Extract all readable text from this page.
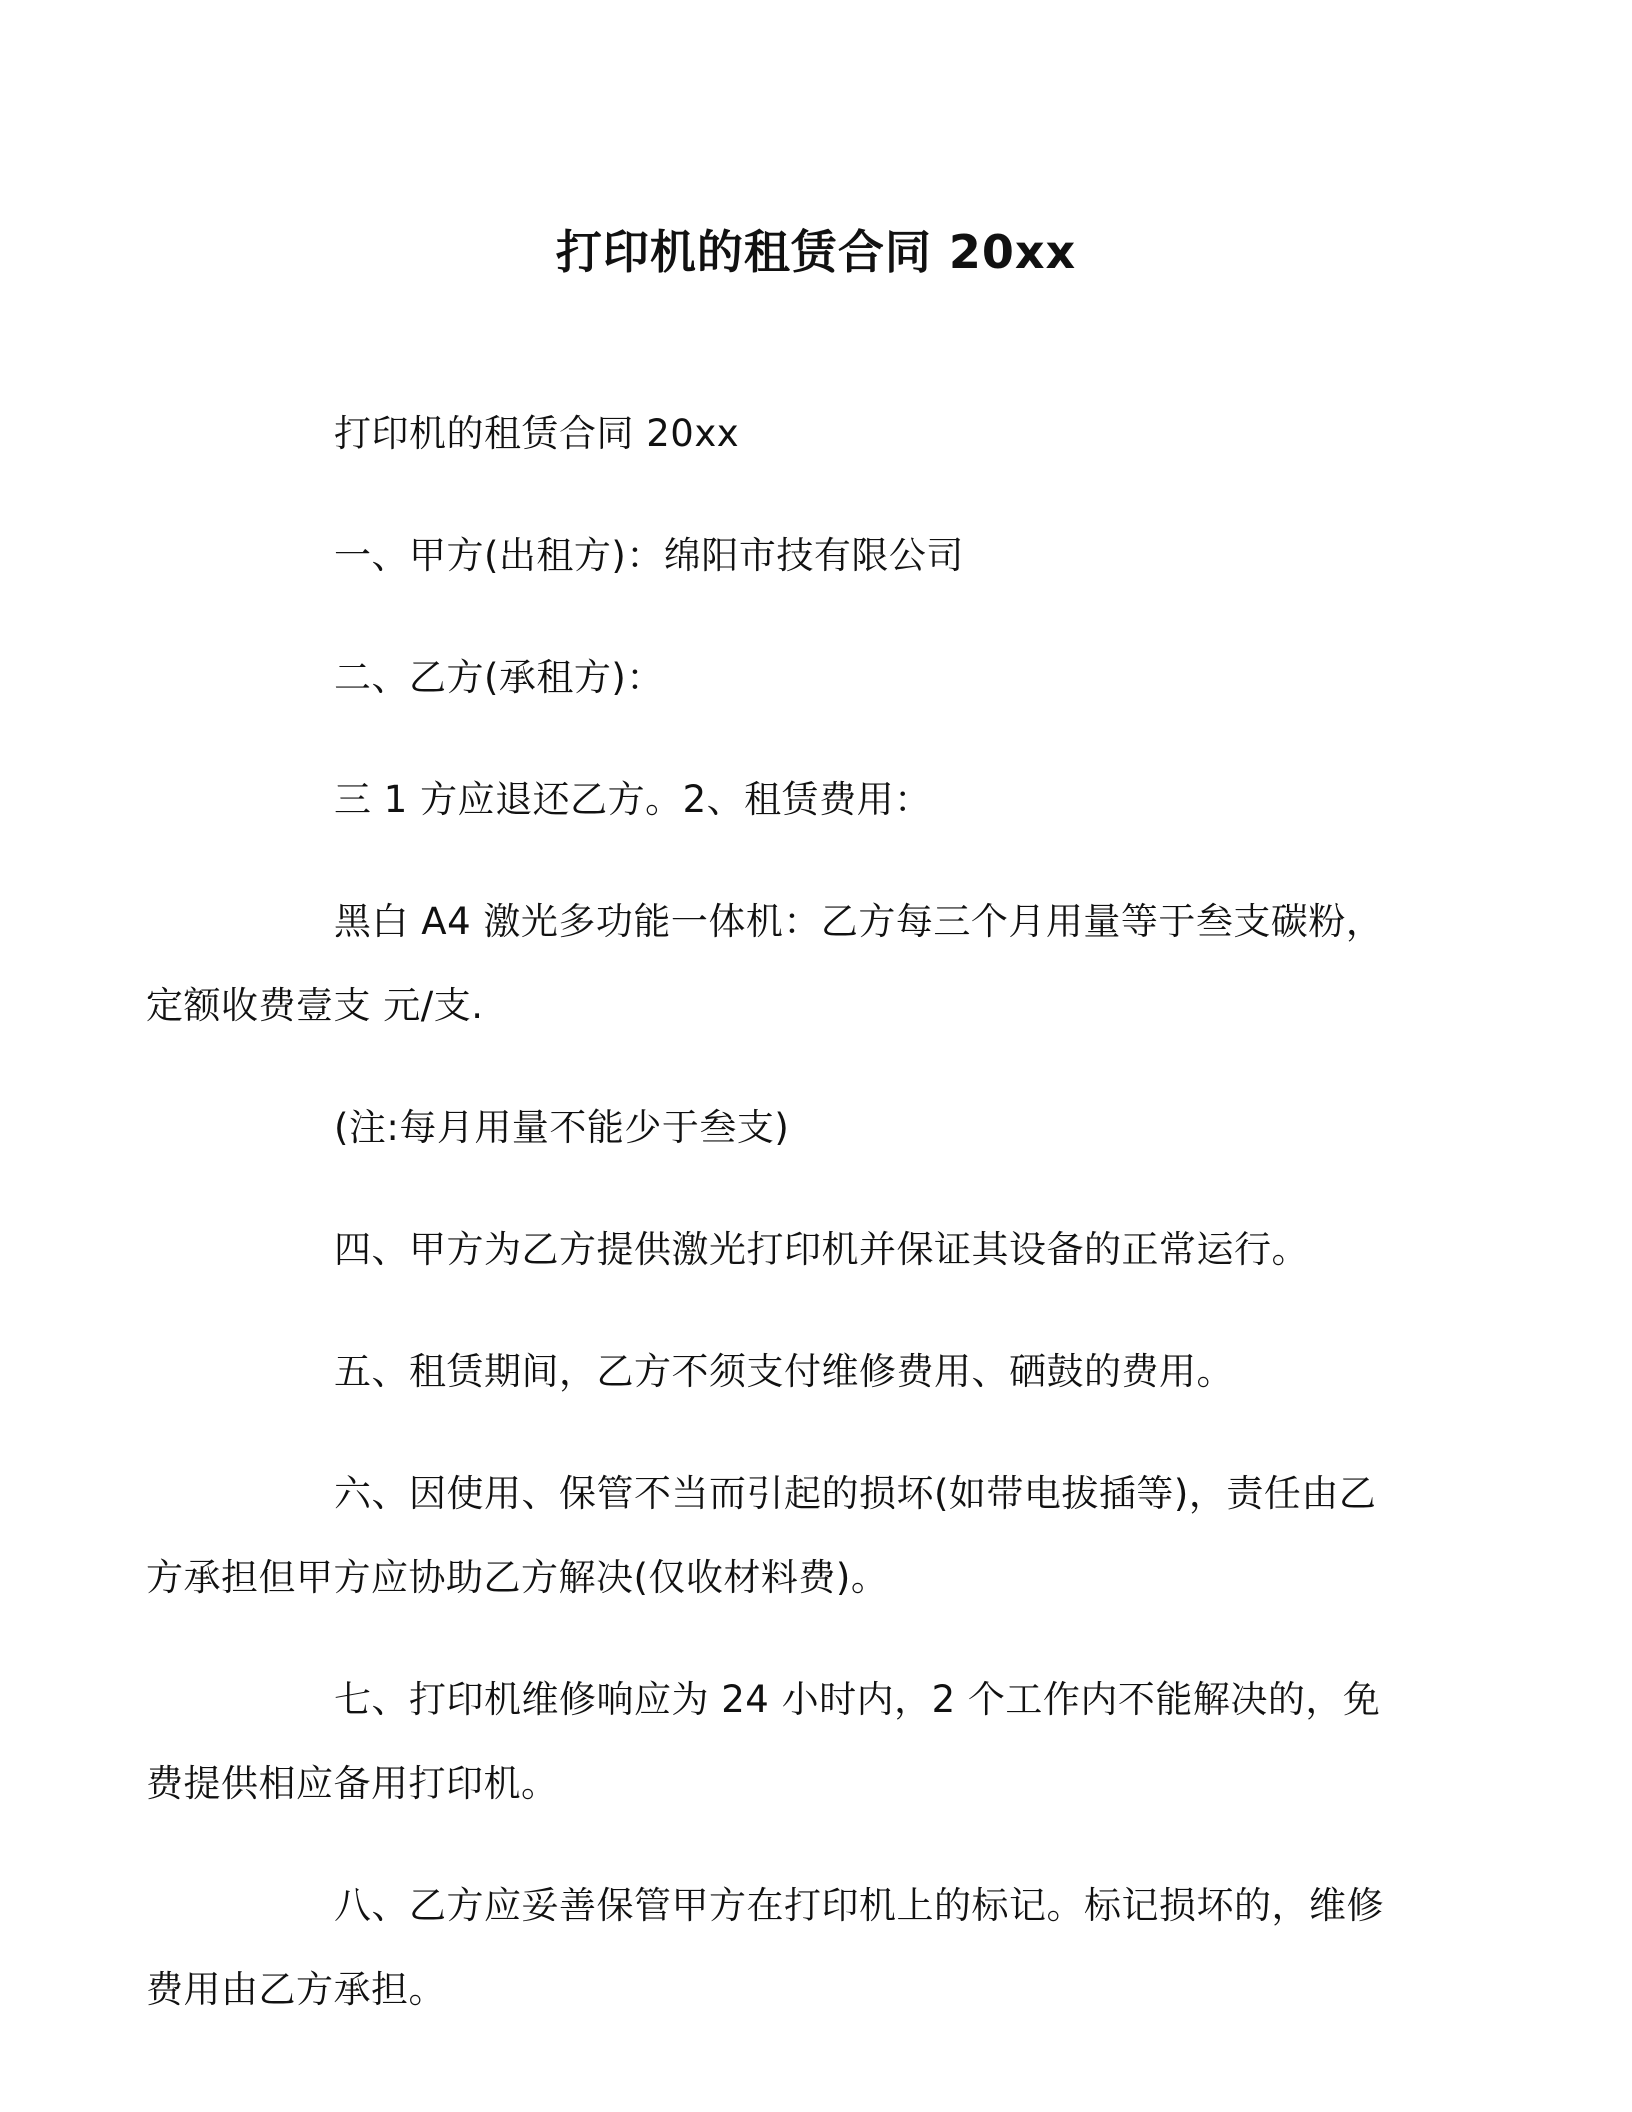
打印机的租赁合同 20xx

打印机的租赁合同 20xx

一、甲方(出租方)：绵阳市技有限公司

二、乙方(承租方)：

三 1 方应退还乙方。2、租赁费用：

黑白 A4 激光多功能一体机：乙方每三个月用量等于叁支碳粉，
定额收费壹支 元/支.

(注:每月用量不能少于叁支)

四、甲方为乙方提供激光打印机并保证其设备的正常运行。

五、租赁期间，乙方不须支付维修费用、硒鼓的费用。

六、因使用、保管不当而引起的损坏(如带电拔插等)，责任由乙
方承担但甲方应协助乙方解决(仅收材料费)。

七、打印机维修响应为 24 小时内，2 个工作内不能解决的，免
费提供相应备用打印机。

八、乙方应妥善保管甲方在打印机上的标记。标记损坏的，维修
费用由乙方承担。
